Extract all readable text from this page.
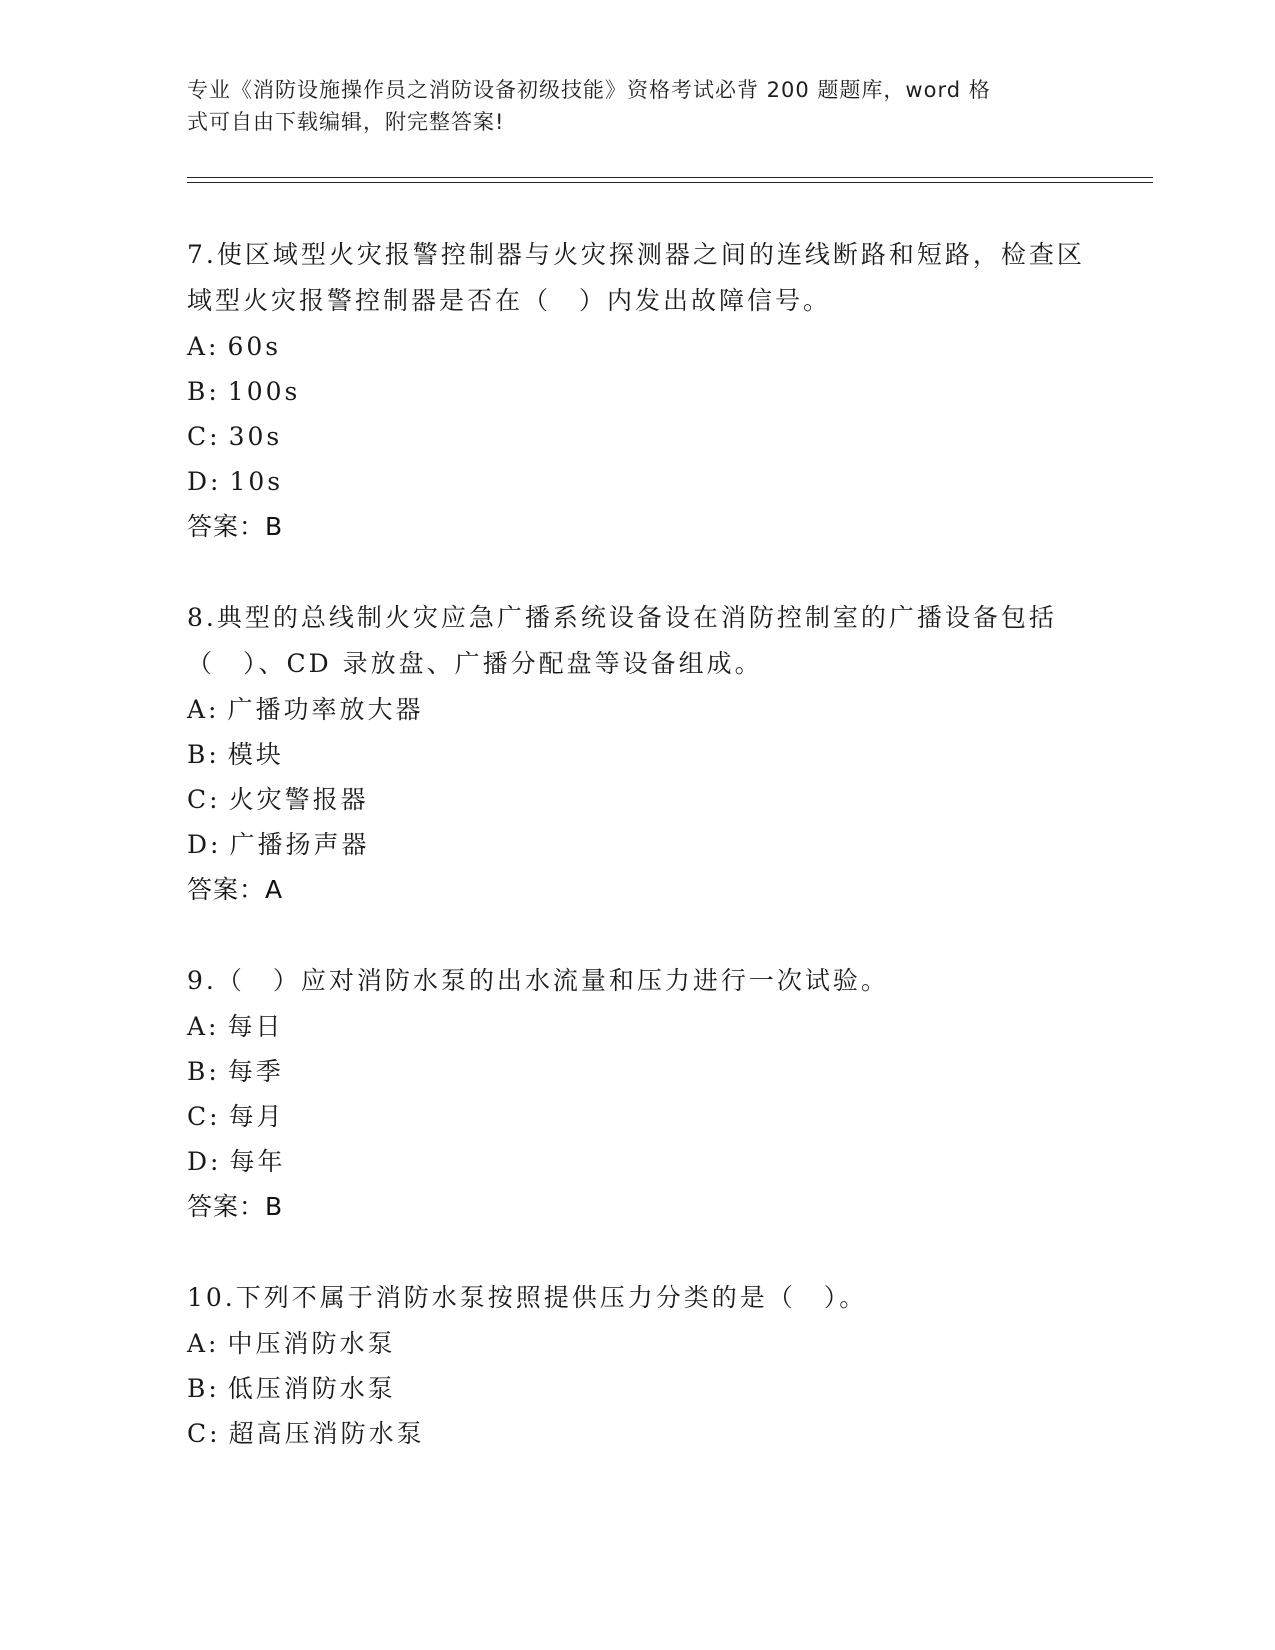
专业《消防设施操作员之消防设备初级技能》资格考试必背 200 题题库，word 格
式可自由下载编辑，附完整答案!
7.使区域型火灾报警控制器与火灾探测器之间的连线断路和短路，检查区域型火灾报警控制器是否在（　）内发出故障信号。
A: 60s
B: 100s
C: 30s
D: 10s
答案：B
8.典型的总线制火灾应急广播系统设备设在消防控制室的广播设备包括（　）、CD 录放盘、广播分配盘等设备组成。
A: 广播功率放大器
B: 模块
C: 火灾警报器
D: 广播扬声器
答案：A
9.（　）应对消防水泵的出水流量和压力进行一次试验。
A: 每日
B: 每季
C: 每月
D: 每年
答案：B
10.下列不属于消防水泵按照提供压力分类的是（　）。
A: 中压消防水泵
B: 低压消防水泵
C: 超高压消防水泵
